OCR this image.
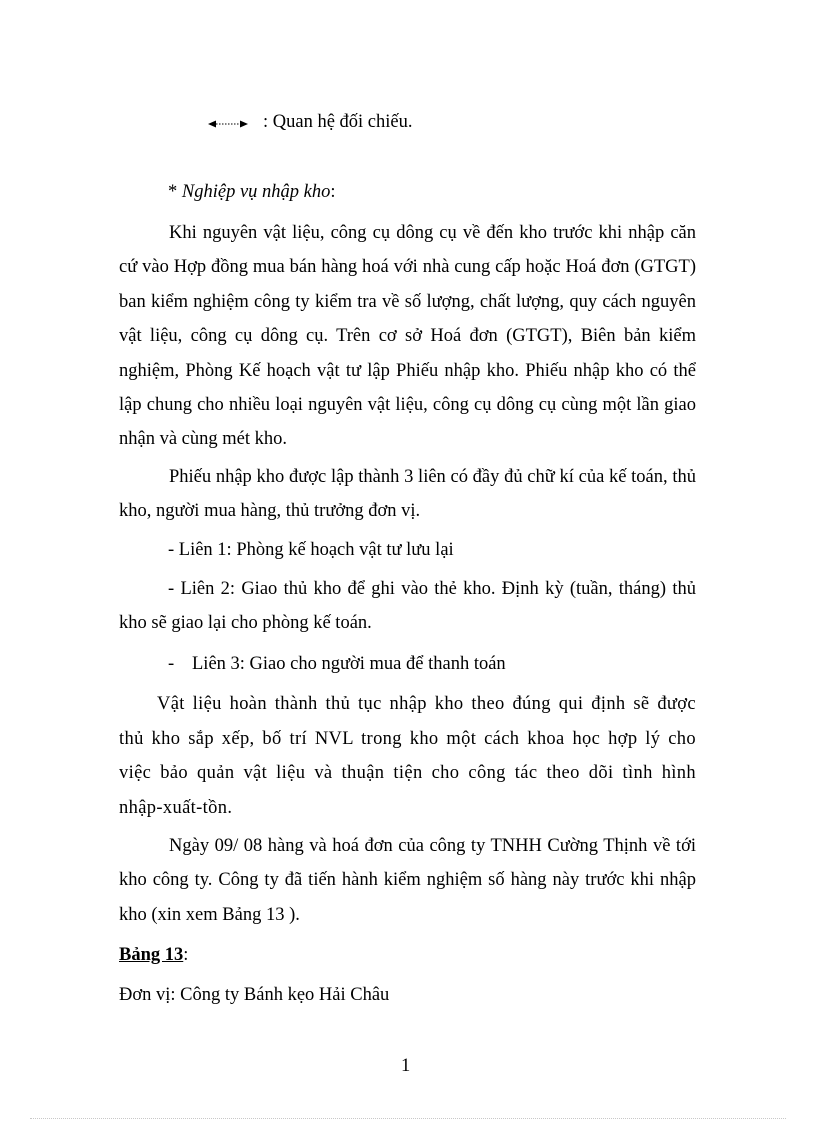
: Quan hệ đối chiếu.
* Nghiệp vụ nhập kho:

Khi nguyên vật liệu, công cụ dông cụ về đến kho trước khi nhập căn cứ vào Hợp đồng mua bán hàng hoá với nhà cung cấp hoặc Hoá đơn (GTGT) ban kiểm nghiệm công ty kiểm tra về số lượng, chất lượng, quy cách nguyên vật liệu, công cụ dông cụ. Trên cơ sở Hoá đơn (GTGT), Biên bản kiểm nghiệm, Phòng Kế hoạch vật tư lập Phiếu nhập kho. Phiếu nhập kho có thể lập chung cho nhiều loại nguyên vật liệu, công cụ dông cụ cùng một lần giao nhận và cùng mét kho.

Phiếu nhập kho được lập thành 3 liên có đầy đủ chữ kí của kế toán, thủ kho, người mua hàng, thủ trưởng đơn vị.

- Liên 1: Phòng kế hoạch vật tư lưu lại

- Liên 2: Giao thủ kho để ghi vào thẻ kho. Định kỳ (tuần, tháng) thủ kho sẽ giao lại cho phòng kế toán.

- Liên 3: Giao cho người mua để thanh toán

Vật liệu hoàn thành thủ tục nhập kho theo đúng qui định sẽ được thủ kho sắp xếp, bố trí NVL trong kho một cách khoa học hợp lý cho việc bảo quản vật liệu và thuận tiện cho công tác theo dõi tình hình nhập-xuất-tồn.

Ngày 09/ 08 hàng và hoá đơn của công ty TNHH Cường Thịnh về tới kho công ty. Công ty đã tiến hành kiểm nghiệm số hàng này trước khi nhập kho (xin xem Bảng 13 ).

Bảng 13:
Đơn vị: Công ty Bánh kẹo Hải Châu
1
